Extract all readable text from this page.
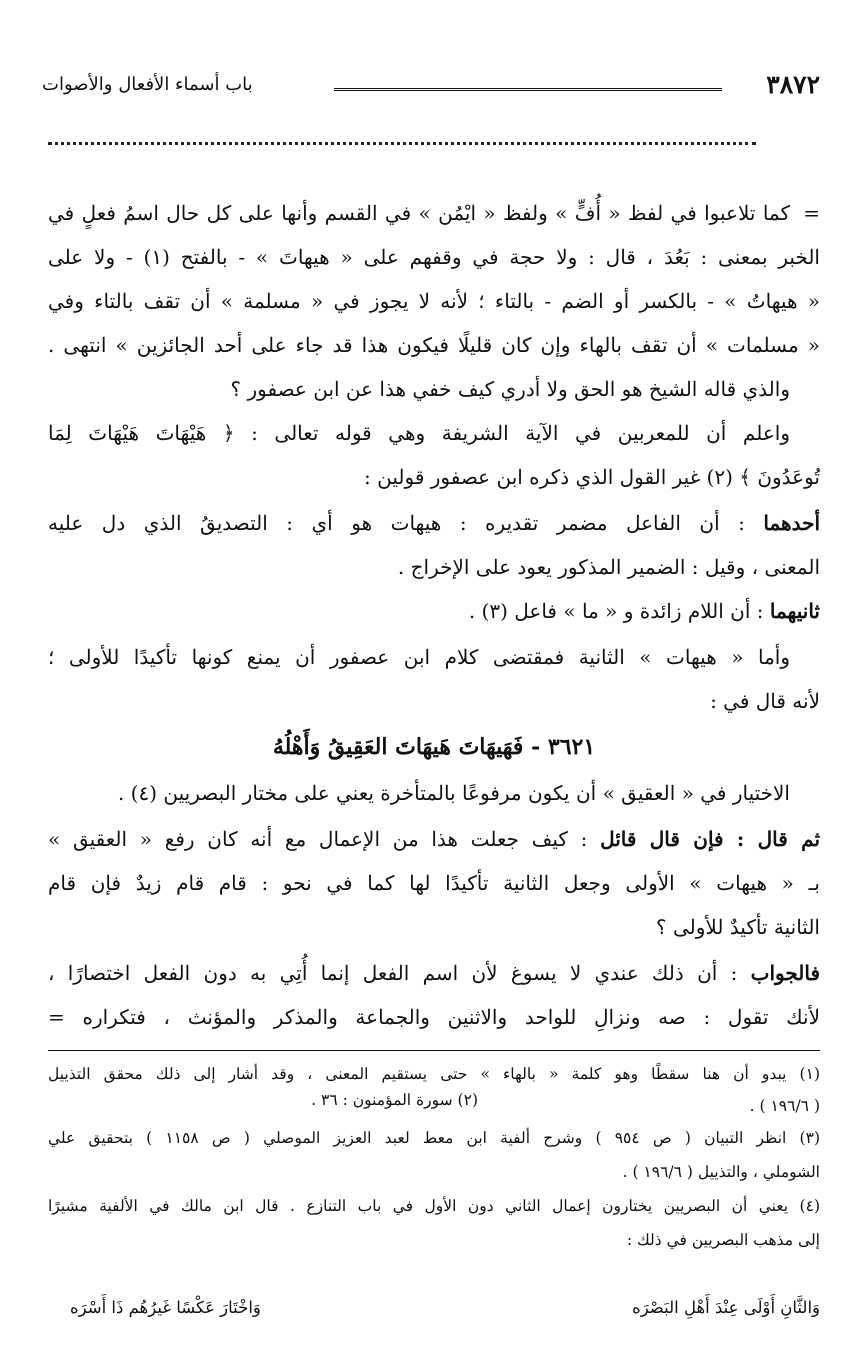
٣٨٧٢
باب أسماء الأفعال والأصوات
=
كما تلاعبوا في لفظ « أُفٍّ » ولفظ « ايْمُن » في القسم وأنها على كل حال اسمُ فعلٍ في
الخبر بمعنى : بَعُدَ ، قال : ولا حجة في وقفهم على « هيهاتَ » - بالفتح (١) - ولا على
« هيهاتُ » - بالكسر أو الضم - بالتاء ؛ لأنه لا يجوز في « مسلمة » أن تقف بالتاء وفي
« مسلمات » أن تقف بالهاء وإن كان قليلًا فيكون هذا قد جاء على أحد الجائزين » انتهى .
والذي قاله الشيخ هو الحق ولا أدري كيف خفي هذا عن ابن عصفور ؟
واعلم أن للمعربين في الآية الشريفة وهي قوله تعالى : ﴿ هَيْهَاتَ هَيْهَاتَ لِمَا
تُوعَدُونَ ﴾ (٢) غير القول الذي ذكره ابن عصفور قولين :
أحدهما : أن الفاعل مضمر تقديره : هيهات هو أي : التصديقُ الذي دل عليه
المعنى ، وقيل : الضمير المذكور يعود على الإخراج .
ثانيهما : أن اللام زائدة و « ما » فاعل (٣) .
وأما « هيهات » الثانية فمقتضى كلام ابن عصفور أن يمنع كونها تأكيدًا للأولى ؛
لأنه قال في :
٣٦٢١ - فَهَيهَاتَ هَيهَاتَ العَقِيقُ وَأَهْلُهُ
الاختيار في « العقيق » أن يكون مرفوعًا بالمتأخرة يعني على مختار البصريين (٤) .
ثم قال : فإن قال قائل : كيف جعلت هذا من الإعمال مع أنه كان رفع « العقيق »
بـ « هيهات » الأولى وجعل الثانية تأكيدًا لها كما في نحو : قام قام زيدٌ فإن قام
الثانية تأكيدٌ للأولى ؟
فالجواب : أن ذلك عندي لا يسوغ لأن اسم الفعل إنما أُتِي به دون الفعل اختصارًا ،
لأنك تقول : صه ونزالِ للواحد والاثنين والجماعة والمذكر والمؤنث ، فتكراره =
(١) يبدو أن هنا سقطًا وهو كلمة « بالهاء » حتى يستقيم المعنى ، وقد أشار إلى ذلك محقق التذييل
( ١٩٦/٦ ) .
(٢) سورة المؤمنون : ٣٦ .
(٣) انظر التبيان ( ص ٩٥٤ ) وشرح ألفية ابن معط لعبد العزيز الموصلي ( ص ١١٥٨ ) بتحقيق علي
الشوملي ، والتذييل ( ١٩٦/٦ ) .
(٤) يعني أن البصريين يختارون إعمال الثاني دون الأول في باب التنازع . قال ابن مالك في الألفية مشيرًا
إلى مذهب البصريين في ذلك :
وَالثَّانِ أَوْلَى عِنْدَ أَهْلِ البَصْرَه
وَاخْتَارَ عَكْسًا غَيرُهُم ذَا أَسْرَه
